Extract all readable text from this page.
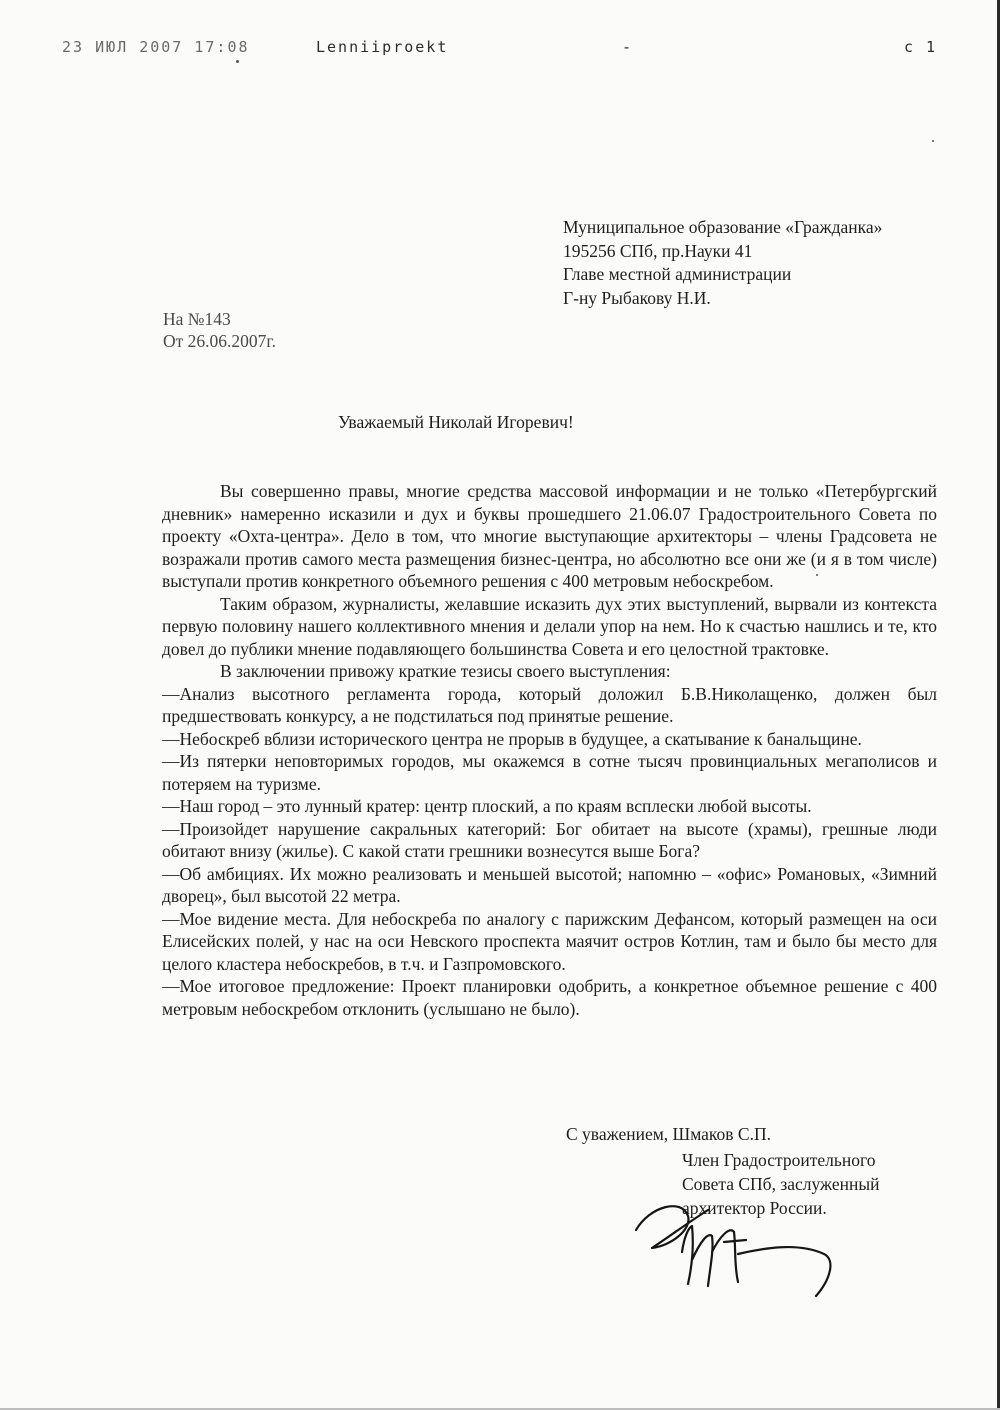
23 ИЮЛ 2007 17:08	Lenniiproekt	-	с 1
Муниципальное образование «Гражданка»
195256 СПб, пр.Науки 41
Главе местной администрации
Г-ну Рыбакову Н.И.
На №143
От 26.06.2007г.
Уважаемый Николай Игоревич!

Вы совершенно правы, многие средства массовой информации и не только «Петербургский дневник» намеренно исказили и дух и буквы прошедшего 21.06.07 Градостроительного Совета по проекту «Охта-центра». Дело в том, что многие выступающие архитекторы – члены Градсовета не возражали против самого места размещения бизнес-центра, но абсолютно все они же (и я в том числе) выступали против конкретного объемного решения с 400 метровым небоскребом.

Таким образом, журналисты, желавшие исказить дух этих выступлений, вырвали из контекста первую половину нашего коллективного мнения и делали упор на нем. Но к счастью нашлись и те, кто довел до публики мнение подавляющего большинства Совета и его целостной трактовке.

В заключении привожу краткие тезисы своего выступления:

—Анализ высотного регламента города, который доложил Б.В.Николащенко, должен был предшествовать конкурсу, а не подстилаться под принятые решение.

—Небоскреб вблизи исторического центра не прорыв в будущее, а скатывание к банальщине.

—Из пятерки неповторимых городов, мы окажемся в сотне тысяч провинциальных мегаполисов и потеряем на туризме.

—Наш город – это лунный кратер: центр плоский, а по краям всплески любой высоты.

—Произойдет нарушение сакральных категорий: Бог обитает на высоте (храмы), грешные люди обитают внизу (жилье). С какой стати грешники вознесутся выше Бога?

—Об амбициях. Их можно реализовать и меньшей высотой; напомню – «офис» Романовых, «Зимний дворец», был высотой 22 метра.

—Мое видение места. Для небоскреба по аналогу с парижским Дефансом, который размещен на оси Елисейских полей, у нас на оси Невского проспекта маячит остров Котлин, там и было бы место для целого кластера небоскребов, в т.ч. и Газпромовского.

—Мое итоговое предложение: Проект планировки одобрить, а конкретное объемное решение с 400 метровым небоскребом отклонить (услышано не было).

С уважением, Шмаков С.П.
Член Градостроительного
Совета СПб, заслуженный
архитектор России.
